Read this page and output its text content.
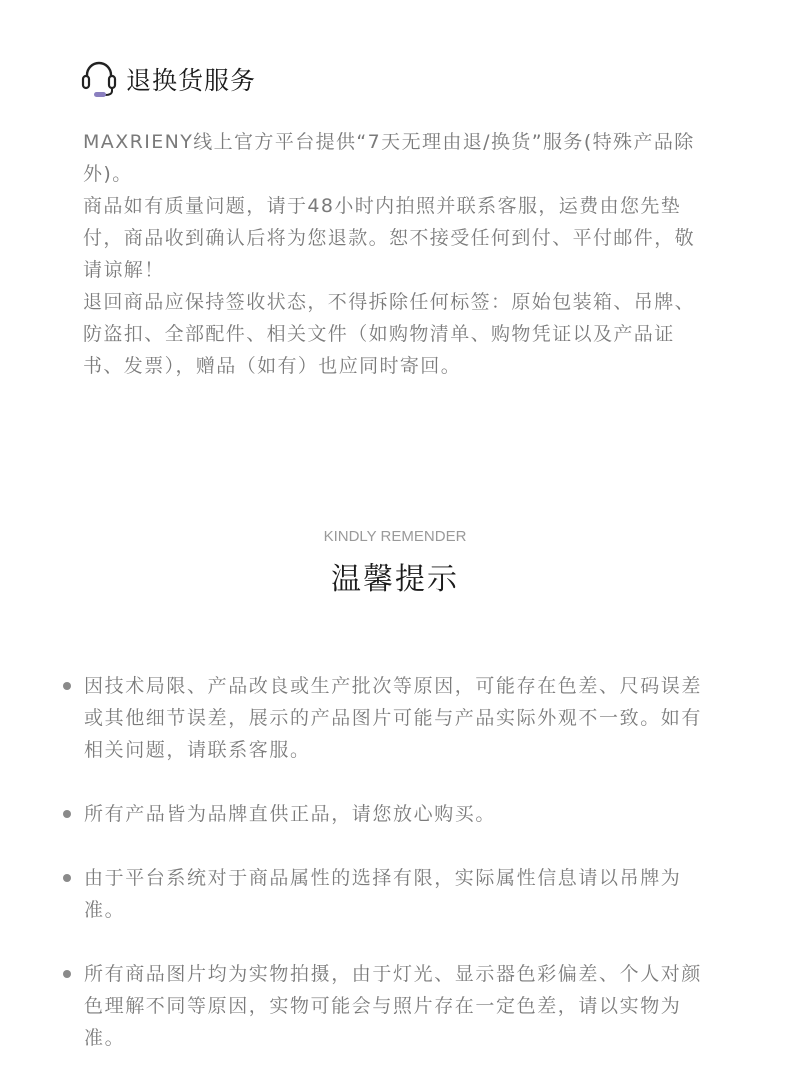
退换货服务

MAXRIENY线上官方平台提供“7天无理由退/换货”服务(特殊产品除外)。

商品如有质量问题，请于48小时内拍照并联系客服，运费由您先垫付，商品收到确认后将为您退款。恕不接受任何到付、平付邮件，敬请谅解！

退回商品应保持签收状态，不得拆除任何标签：原始包装箱、吊牌、防盗扣、全部配件、相关文件（如购物清单、购物凭证以及产品证书、发票），赠品（如有）也应同时寄回。

KINDLY REMENDER
温馨提示
因技术局限、产品改良或生产批次等原因，可能存在色差、尺码误差或其他细节误差，展示的产品图片可能与产品实际外观不一致。如有相关问题，请联系客服。
所有产品皆为品牌直供正品，请您放心购买。
由于平台系统对于商品属性的选择有限，实际属性信息请以吊牌为准。
所有商品图片均为实物拍摄，由于灯光、显示器色彩偏差、个人对颜色理解不同等原因，实物可能会与照片存在一定色差，请以实物为准。
